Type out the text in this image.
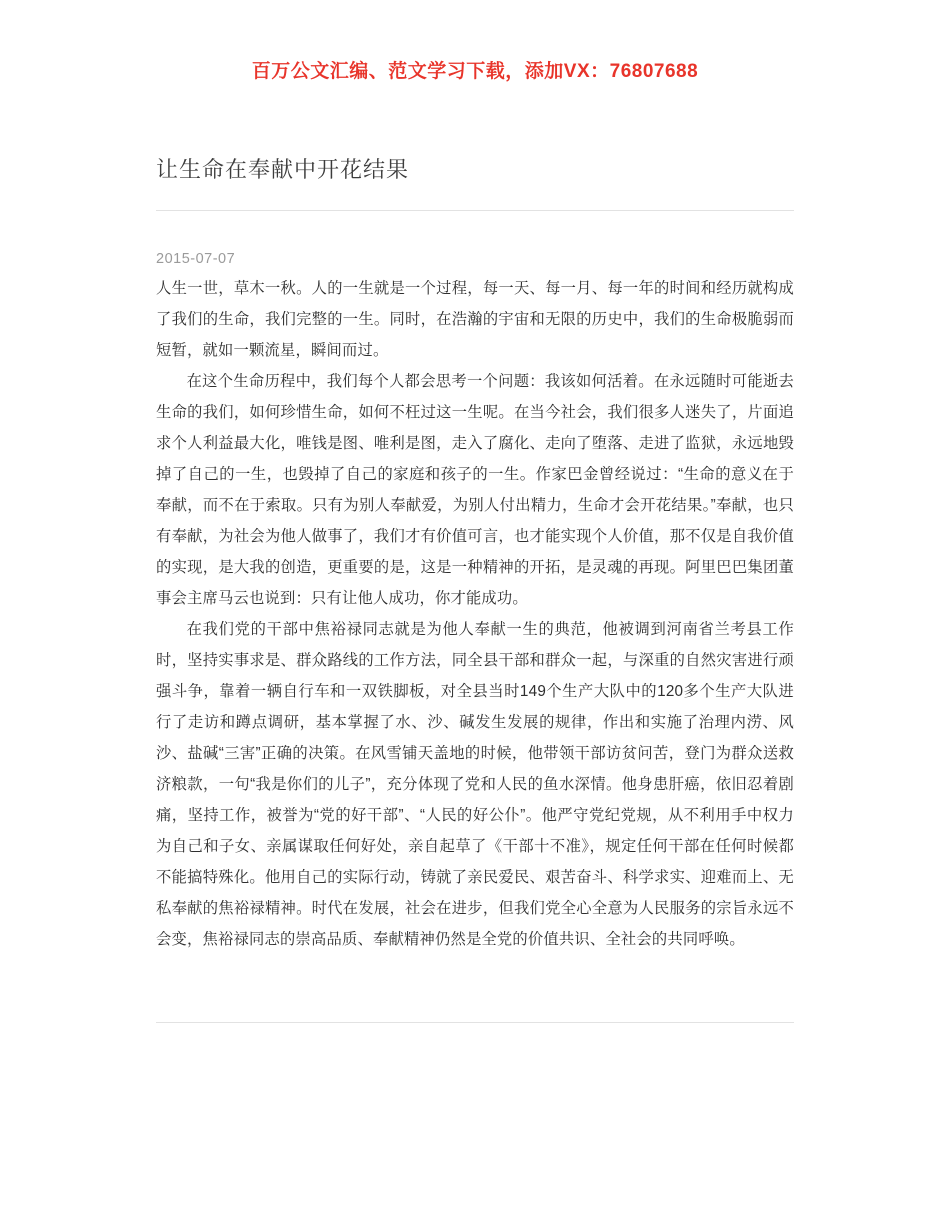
百万公文汇编、范文学习下载，添加VX：76807688
让生命在奉献中开花结果
2015-07-07

人生一世，草木一秋。人的一生就是一个过程，每一天、每一月、每一年的时间和经历就构成了我们的生命，我们完整的一生。同时，在浩瀚的宇宙和无限的历史中，我们的生命极脆弱而短暂，就如一颗流星，瞬间而过。

在这个生命历程中，我们每个人都会思考一个问题：我该如何活着。在永远随时可能逝去生命的我们，如何珍惜生命，如何不枉过这一生呢。在当今社会，我们很多人迷失了，片面追求个人利益最大化，唯钱是图、唯利是图，走入了腐化、走向了堕落、走进了监狱，永远地毁掉了自己的一生，也毁掉了自己的家庭和孩子的一生。作家巴金曾经说过：“生命的意义在于奉献，而不在于索取。只有为别人奉献爱，为别人付出精力，生命才会开花结果。”奉献，也只有奉献，为社会为他人做事了，我们才有价值可言，也才能实现个人价值，那不仅是自我价值的实现，是大我的创造，更重要的是，这是一种精神的开拓，是灵魂的再现。阿里巴巴集团董事会主席马云也说到：只有让他人成功，你才能成功。

在我们党的干部中焦裕禄同志就是为他人奉献一生的典范，他被调到河南省兰考县工作时，坚持实事求是、群众路线的工作方法，同全县干部和群众一起，与深重的自然灾害进行顽强斗争，靠着一辆自行车和一双铁脚板，对全县当时149个生产大队中的120多个生产大队进行了走访和蹲点调研，基本掌握了水、沙、碱发生发展的规律，作出和实施了治理内涝、风沙、盐碱“三害”正确的决策。在风雪铺天盖地的时候，他带领干部访贫问苦，登门为群众送救济粮款，一句“我是你们的儿子”，充分体现了党和人民的鱼水深情。他身患肝癌，依旧忍着剧痛，坚持工作，被誉为“党的好干部”、“人民的好公仆”。他严守党纪党规，从不利用手中权力为自己和子女、亲属谋取任何好处，亲自起草了《干部十不准》，规定任何干部在任何时候都不能搞特殊化。他用自己的实际行动，铸就了亲民爱民、艰苦奋斗、科学求实、迎难而上、无私奉献的焦裕禄精神。时代在发展，社会在进步，但我们党全心全意为人民服务的宗旨永远不会变，焦裕禄同志的崇高品质、奉献精神仍然是全党的价值共识、全社会的共同呼唤。
